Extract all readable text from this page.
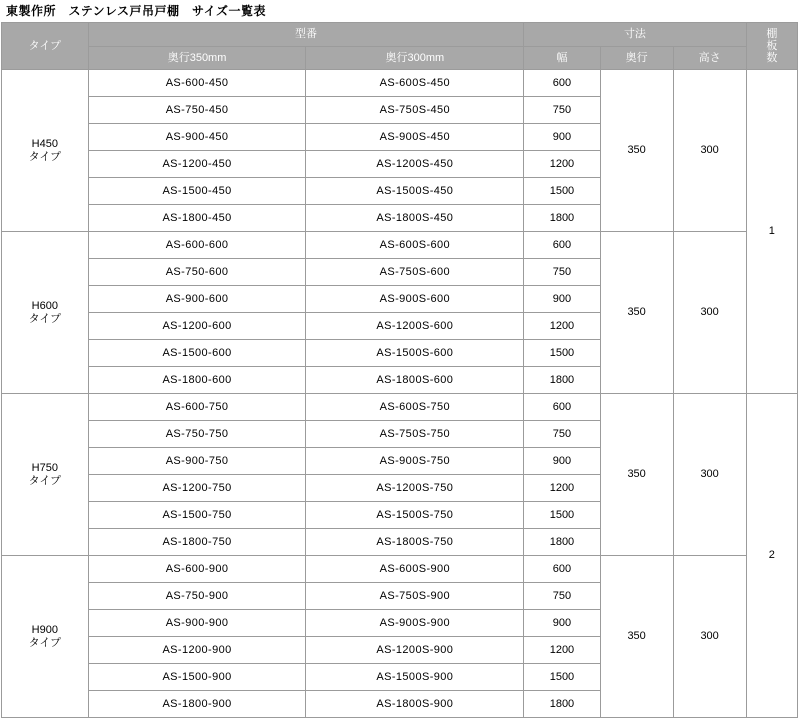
東製作所　ステンレス戸吊戸棚　サイズ一覧表
タイプ	型番		寸法			棚
板
数
	奥行350mm	奥行300mm	幅	奥行	高さ	
H450
タイプ	AS-600-450	AS-600S-450	600	350	300	1
	AS-750-450	AS-750S-450	750			
	AS-900-450	AS-900S-450	900			
	AS-1200-450	AS-1200S-450	1200			
	AS-1500-450	AS-1500S-450	1500			
	AS-1800-450	AS-1800S-450	1800			
H600
タイプ	AS-600-600	AS-600S-600	600	350	300	
	AS-750-600	AS-750S-600	750			
	AS-900-600	AS-900S-600	900			
	AS-1200-600	AS-1200S-600	1200			
	AS-1500-600	AS-1500S-600	1500			
	AS-1800-600	AS-1800S-600	1800			
H750
タイプ	AS-600-750	AS-600S-750	600	350	300	2
	AS-750-750	AS-750S-750	750			
	AS-900-750	AS-900S-750	900			
	AS-1200-750	AS-1200S-750	1200			
	AS-1500-750	AS-1500S-750	1500			
	AS-1800-750	AS-1800S-750	1800			
H900
タイプ	AS-600-900	AS-600S-900	600	350	300	
	AS-750-900	AS-750S-900	750			
	AS-900-900	AS-900S-900	900			
	AS-1200-900	AS-1200S-900	1200			
	AS-1500-900	AS-1500S-900	1500			
	AS-1800-900	AS-1800S-900	1800			
